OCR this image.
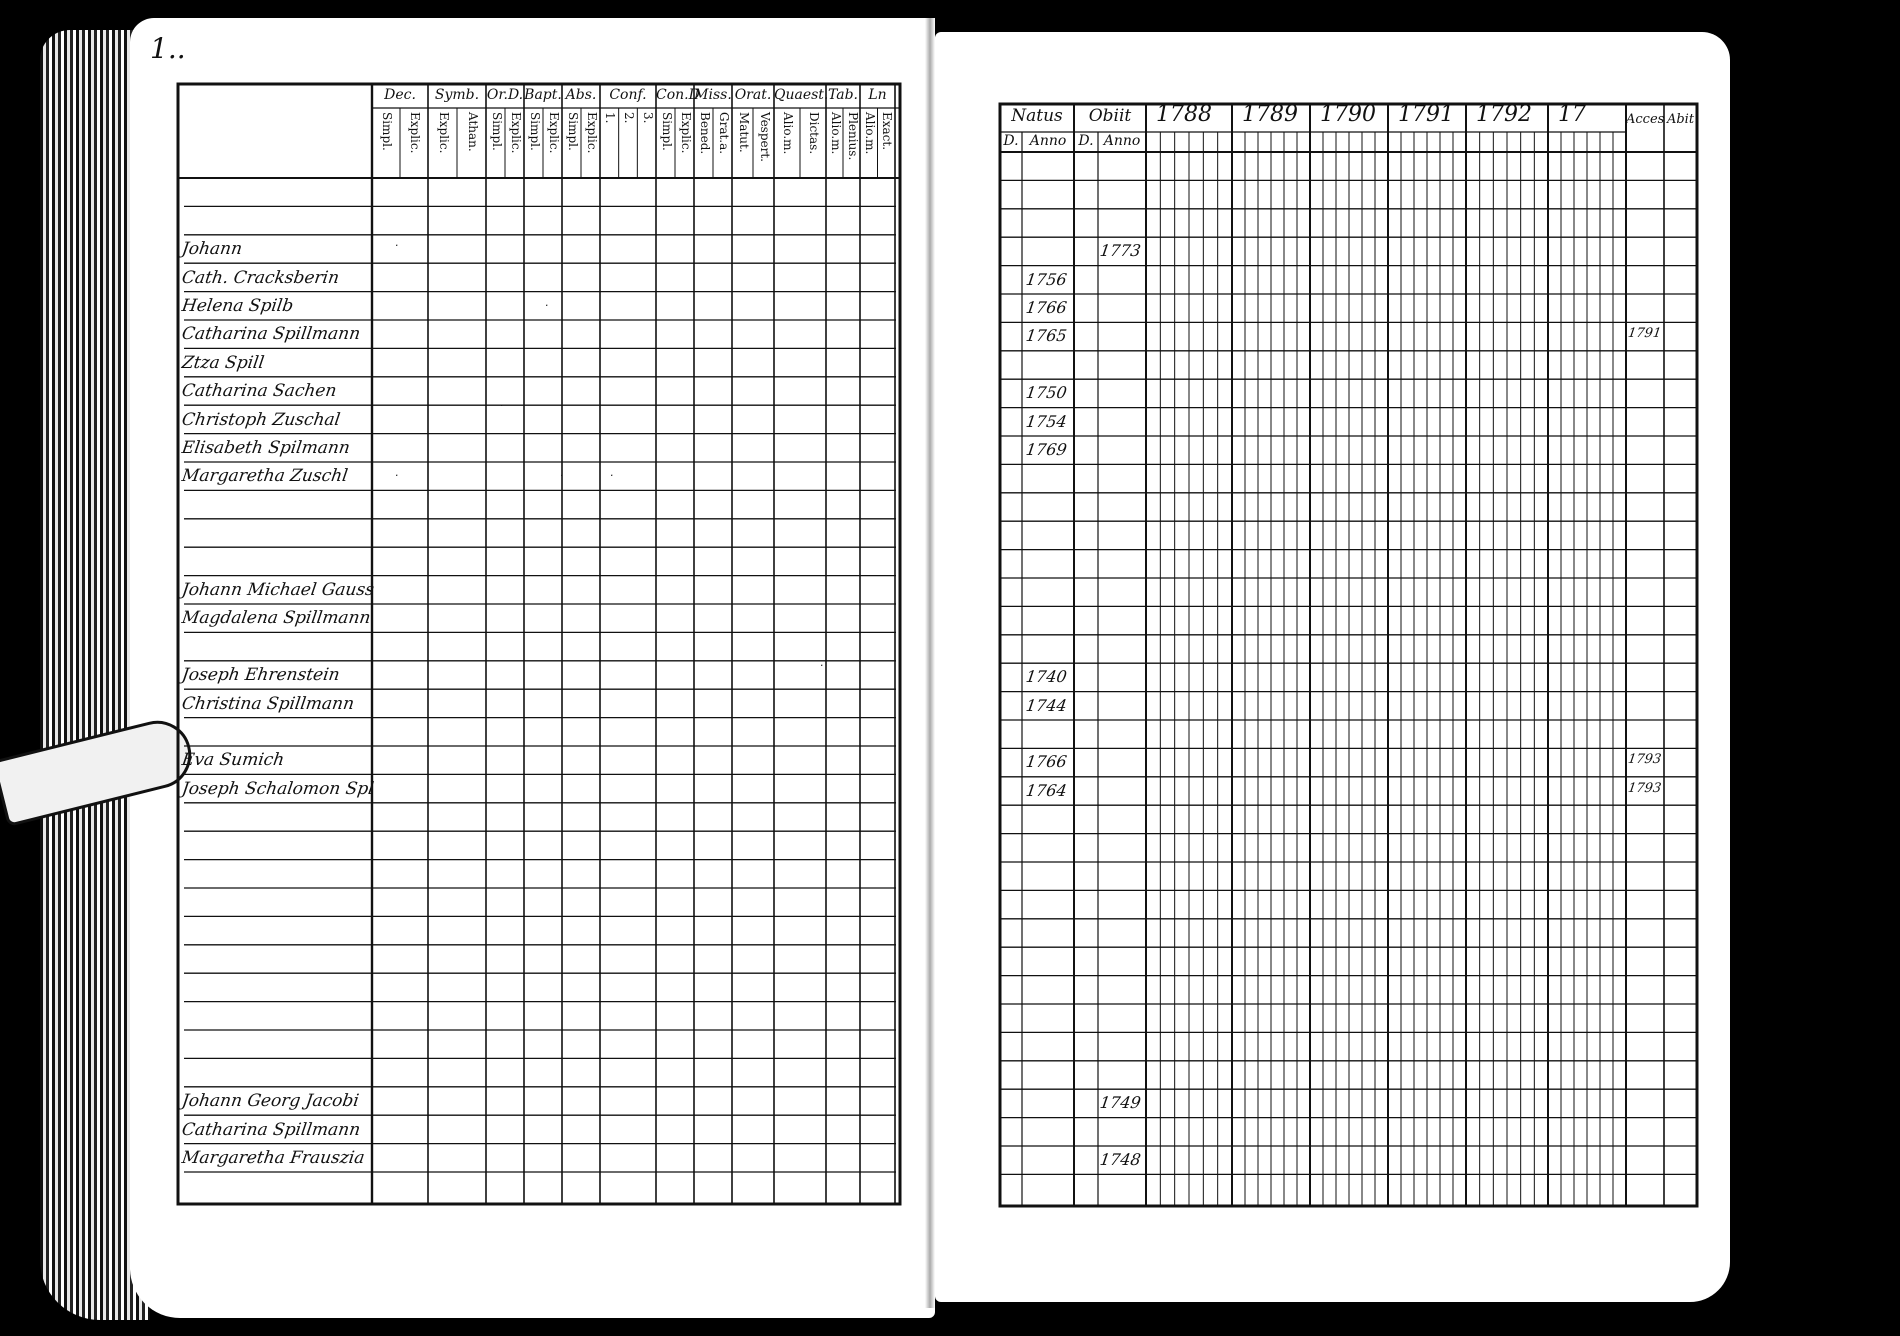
1..
Dec.
Simpl. Explic.
Symb.
Explic. Athan.
Or.D.
Simpl. Explic.
Bapt.
Simpl. Explic.
Abs.
Simpl. Explic.
Conf.
1. 2. 3.
Con.D
Simpl. Explic.
Miss.
Bened. Grat.a.
Orat.
Matut. Vespert.
Quaest.
Alio.m. Dictas.
Tab.
Alio.m. Plenius.
Ln
Alio.m. Exact.
Johann
Cath. Cracksberin
Helena Spilb
Catharina Spillmann
Ztza Spill
Catharina Sachen
Christoph Zuschal
Elisabeth Spilmann
Margaretha Zuschl
Johann Michael Gauss
Magdalena Spillmann
Joseph Ehrenstein
Christina Spillmann
Eva Sumich
Joseph Schalomon Spl
Johann Georg Jacobi
Catharina Spillmann
Margaretha Frauszia
·
·
·
·
·
·
·
Natus	Obiit
D. Anno D. Anno
1788 1789 1790 1791 1792 17	Acces Abit
1756
1766
1765
1750
1754
1769
1740
1744
1766
1764
1773
1749
1748
1791
1793
1793
